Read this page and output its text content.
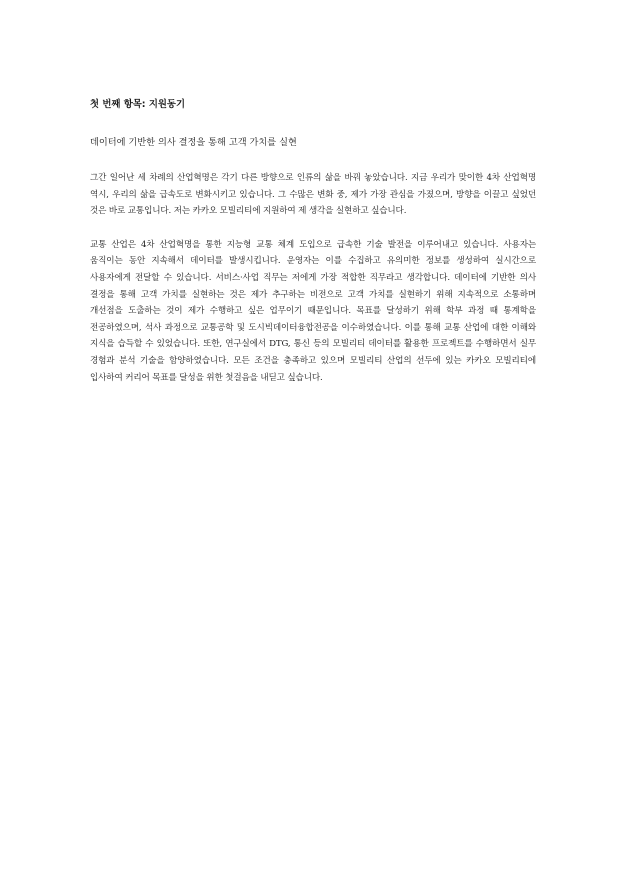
첫 번째 항목: 지원동기
데이터에 기반한 의사 결정을 통해 고객 가치를 실현

그간 일어난 세 차례의 산업혁명은 각기 다른 방향으로 인류의 삶을 바꿔 놓았습니다. 지금 우리가 맞이한 4차 산업혁명 역시, 우리의 삶을 급속도로 변화시키고 있습니다. 그 수많은 변화 중, 제가 가장 관심을 가졌으며, 방향을 이끌고 싶었던 것은 바로 교통입니다. 저는 카카오 모빌리티에 지원하여 제 생각을 실현하고 싶습니다.

교통 산업은 4차 산업혁명을 통한 지능형 교통 체계 도입으로 급속한 기술 발전을 이루어내고 있습니다. 사용자는 움직이는 동안 지속해서 데이터를 발생시킵니다. 운영자는 이를 수집하고 유의미한 정보를 생성하여 실시간으로 사용자에게 전달할 수 있습니다. 서비스·사업 직무는 저에게 가장 적합한 직무라고 생각합니다. 데이터에 기반한 의사 결정을 통해 고객 가치를 실현하는 것은 제가 추구하는 비전으로 고객 가치를 실현하기 위해 지속적으로 소통하며 개선점을 도출하는 것이 제가 수행하고 싶은 업무이기 때문입니다. 목표를 달성하기 위해 학부 과정 때 통계학을 전공하였으며, 석사 과정으로 교통공학 및 도시빅데이터융합전공을 이수하였습니다. 이를 통해 교통 산업에 대한 이해와 지식을 습득할 수 있었습니다. 또한, 연구실에서 DTG, 통신 등의 모빌리티 데이터를 활용한 프로젝트를 수행하면서 실무 경험과 분석 기술을 함양하였습니다. 모든 조건을 충족하고 있으며 모빌리티 산업의 선두에 있는 카카오 모빌리티에 입사하여 커리어 목표를 달성을 위한 첫걸음을 내딛고 싶습니다.
